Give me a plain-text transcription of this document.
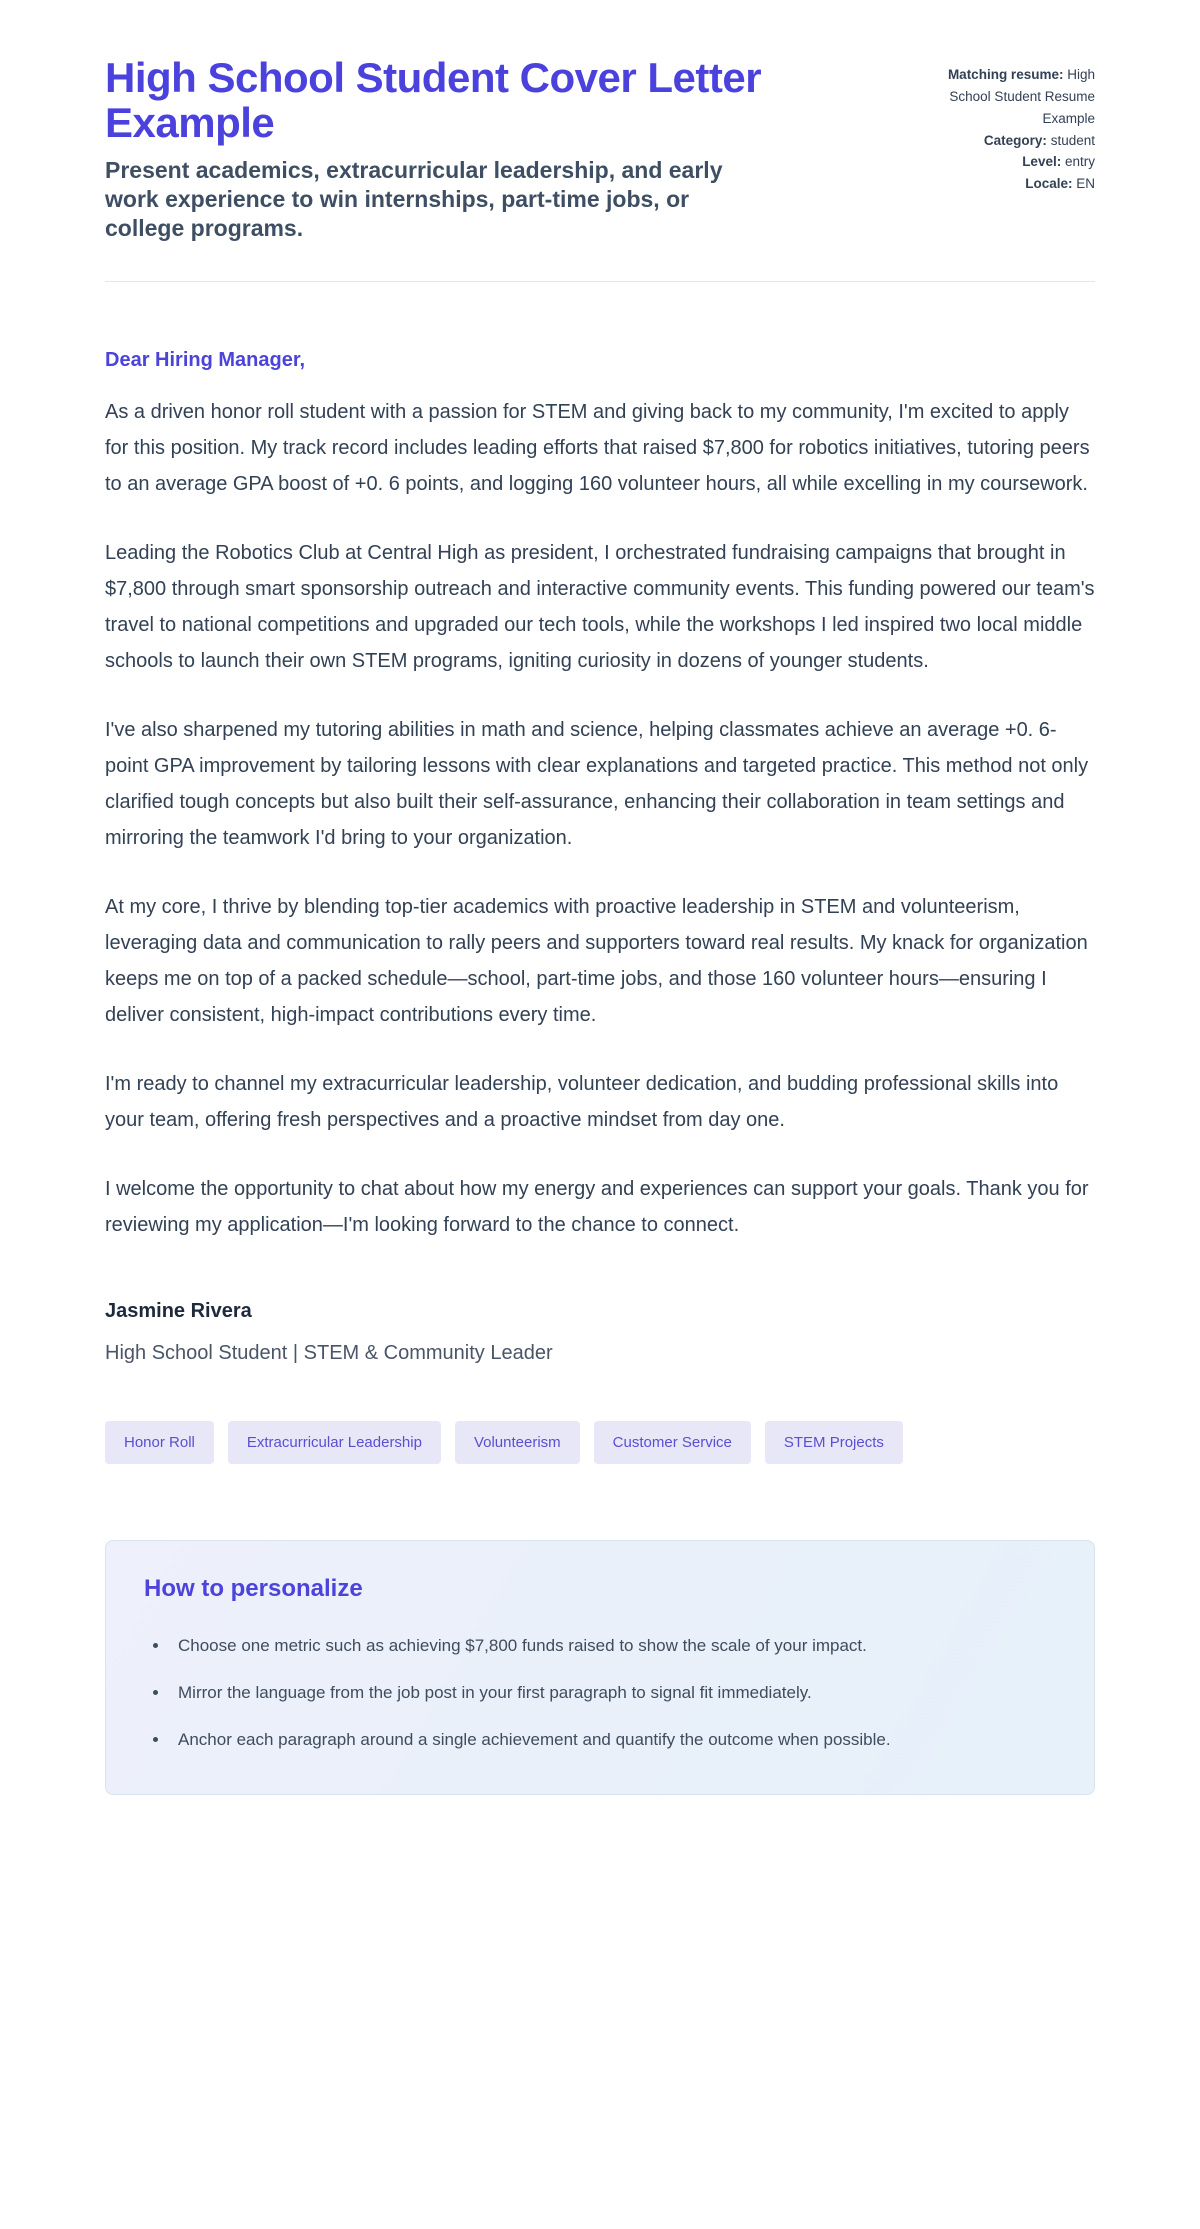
High School Student Cover Letter Example

Present academics, extracurricular leadership, and early work experience to win internships, part-time jobs, or college programs.

Matching resume: High School Student Resume Example
Category: student
Level: entry
Locale: EN

Dear Hiring Manager,

As a driven honor roll student with a passion for STEM and giving back to my community, I'm excited to apply for this position. My track record includes leading efforts that raised $7,800 for robotics initiatives, tutoring peers to an average GPA boost of +0. 6 points, and logging 160 volunteer hours, all while excelling in my coursework.

Leading the Robotics Club at Central High as president, I orchestrated fundraising campaigns that brought in $7,800 through smart sponsorship outreach and interactive community events. This funding powered our team's travel to national competitions and upgraded our tech tools, while the workshops I led inspired two local middle schools to launch their own STEM programs, igniting curiosity in dozens of younger students.

I've also sharpened my tutoring abilities in math and science, helping classmates achieve an average +0. 6-point GPA improvement by tailoring lessons with clear explanations and targeted practice. This method not only clarified tough concepts but also built their self-assurance, enhancing their collaboration in team settings and mirroring the teamwork I'd bring to your organization.

At my core, I thrive by blending top-tier academics with proactive leadership in STEM and volunteerism, leveraging data and communication to rally peers and supporters toward real results. My knack for organization keeps me on top of a packed schedule—school, part-time jobs, and those 160 volunteer hours—ensuring I deliver consistent, high-impact contributions every time.

I'm ready to channel my extracurricular leadership, volunteer dedication, and budding professional skills into your team, offering fresh perspectives and a proactive mindset from day one.

I welcome the opportunity to chat about how my energy and experiences can support your goals. Thank you for reviewing my application—I'm looking forward to the chance to connect.

Jasmine Rivera

High School Student | STEM & Community Leader

Honor Roll	Extracurricular Leadership	Volunteerism	Customer Service	STEM Projects
How to personalize
• Choose one metric such as achieving $7,800 funds raised to show the scale of your impact.
• Mirror the language from the job post in your first paragraph to signal fit immediately.
• Anchor each paragraph around a single achievement and quantify the outcome when possible.
